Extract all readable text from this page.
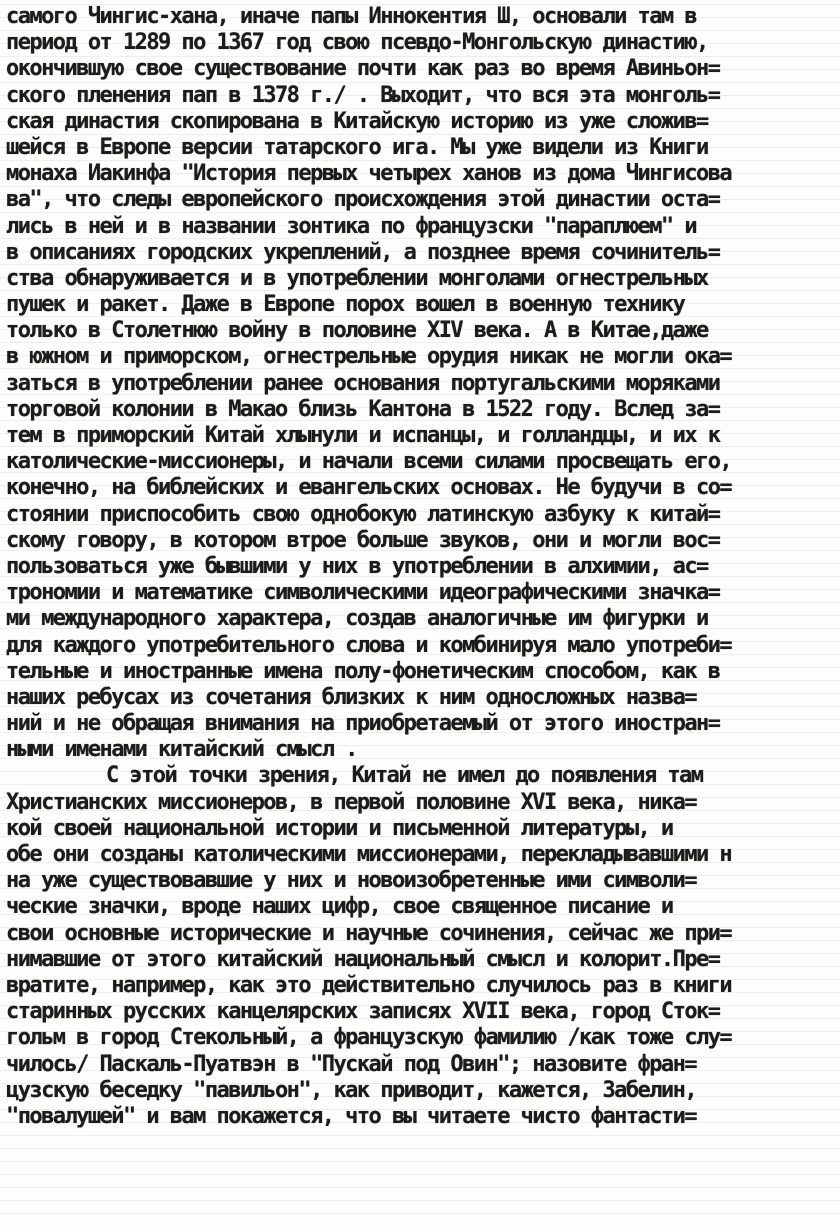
самого Чингис-хана, иначе папы Иннокентия Ш, основали там в
период от 1289 по 1367 год свою псевдо-Монгольскую династию,
окончившую свое существование почти как раз во время Авиньон=
ского пленения пап в 1378 г./ . Выходит, что вся эта монголь=
ская династия скопирована в Китайскую историю из уже сложив=
шейся в Европе версии татарского ига. Мы уже видели из Книги
монаха Иакинфа "История первых четырех ханов из дома Чингисова
ва", что следы европейского происхождения этой династии оста=
лись в ней и в названии зонтика по французски "параплюем" и
в описаниях городских укреплений, а позднее время сочинитель=
ства обнаруживается и в употреблении монголами огнестрельных
пушек и ракет. Даже в Европе порох вошел в военную технику
только в Столетнюю войну в половине XIV века. А в Китае,даже
в южном и приморском, огнестрельные орудия никак не могли ока=
заться в употреблении ранее основания португальскими моряками
торговой колонии в Макао близь Кантона в 1522 году. Вслед за=
тем в приморский Китай хлынули и испанцы, и голландцы, и их к
католические-миссионеры, и начали всеми силами просвещать его,
конечно, на библейских и евангельских основах. Не будучи в со=
стоянии приспособить свою однобокую латинскую азбуку к китай=
скому говору, в котором втрое больше звуков, они и могли вос=
пользоваться уже бывшими у них в употреблении в алхимии, ас=
трономии и математике символическими идеографическими значка=
ми международного характера, создав аналогичные им фигурки и
для каждого употребительного слова и комбинируя мало употреби=
тельные и иностранные имена полу-фонетическим способом, как в
наших ребусах из сочетания близких к ним односложных назва=
ний и не обращая внимания на приобретаемый от этого иностран=
ными именами китайский смысл .
С этой точки зрения, Китай не имел до появления там
Христианских миссионеров, в первой половине XVI века, ника=
кой своей национальной истории и письменной литературы, и
обе они созданы католическими миссионерами, перекладывавшими н
на уже существовавшие у них и новоизобретенные ими символи=
ческие значки, вроде наших цифр, свое священное писание и
свои основные исторические и научные сочинения, сейчас же при=
нимавшие от этого китайский национальный смысл и колорит.Пре=
вратите, например, как это действительно случилось раз в книги
старинных русских канцелярских записях XVII века, город Сток=
гольм в город Стекольный, а французскую фамилию /как тоже слу=
чилось/ Паскаль-Пуатвэн в "Пускай под Овин"; назовите фран=
цузскую беседку "павильон", как приводит, кажется, Забелин,
"повалушей" и вам покажется, что вы читаете чисто фантасти=
